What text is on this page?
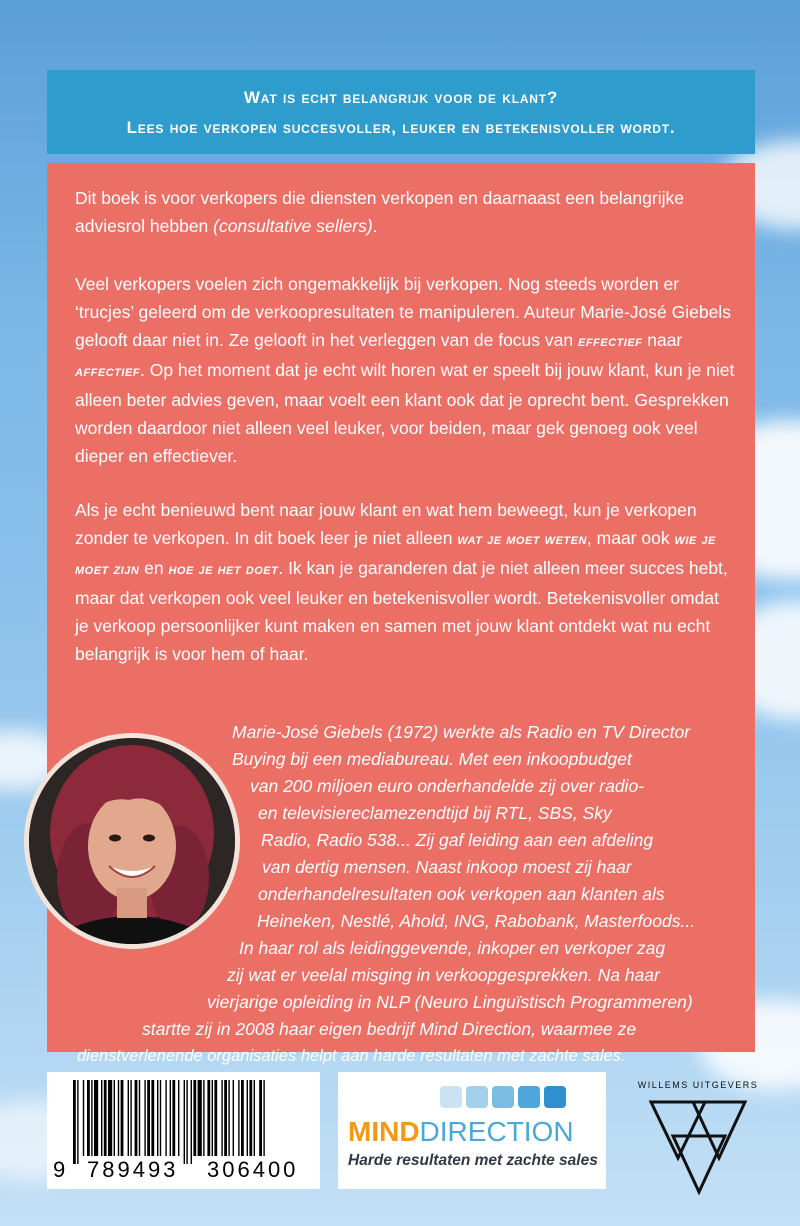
Wat is echt belangrijk voor de klant?
Lees hoe verkopen succesvoller, leuker en betekenisvoller wordt.

Dit boek is voor verkopers die diensten verkopen en daarnaast een belangrijke adviesrol hebben (consultative sellers).

Veel verkopers voelen zich ongemakkelijk bij verkopen. Nog steeds worden er ‘trucjes’ geleerd om de verkoopresultaten te manipuleren. Auteur Marie-José Giebels gelooft daar niet in. Ze gelooft in het verleggen van de focus van effectief naar affectief. Op het moment dat je echt wilt horen wat er speelt bij jouw klant, kun je niet alleen beter advies geven, maar voelt een klant ook dat je oprecht bent. Gesprekken worden daardoor niet alleen veel leuker, voor beiden, maar gek genoeg ook veel dieper en effectiever.

Als je echt benieuwd bent naar jouw klant en wat hem beweegt, kun je verkopen zonder te verkopen. In dit boek leer je niet alleen wat je moet weten, maar ook wie je moet zijn en hoe je het doet. Ik kan je garanderen dat je niet alleen meer succes hebt, maar dat verkopen ook veel leuker en betekenisvoller wordt. Betekenisvoller omdat je verkoop persoonlijker kunt maken en samen met jouw klant ontdekt wat nu echt belangrijk is voor hem of haar.

Marie-José Giebels (1972) werkte als Radio en TV Director
Buying bij een mediabureau. Met een inkoopbudget
van 200 miljoen euro onderhandelde zij over radio-
en televisiereclamezendtijd bij RTL, SBS, Sky
Radio, Radio 538... Zij gaf leiding aan een afdeling
van dertig mensen. Naast inkoop moest zij haar
onderhandelresultaten ook verkopen aan klanten als
Heineken, Nestlé, Ahold, ING, Rabobank, Masterfoods...
In haar rol als leidinggevende, inkoper en verkoper zag
zij wat er veelal misging in verkoopgesprekken. Na haar
vierjarige opleiding in NLP (Neuro Linguïstisch Programmeren)
startte zij in 2008 haar eigen bedrijf Mind Direction, waarmee ze
dienstverlenende organisaties helpt aan harde resultaten met zachte sales.
9 789493 306400
MINDDIRECTION
Harde resultaten met zachte sales
WILLEMS UITGEVERS
